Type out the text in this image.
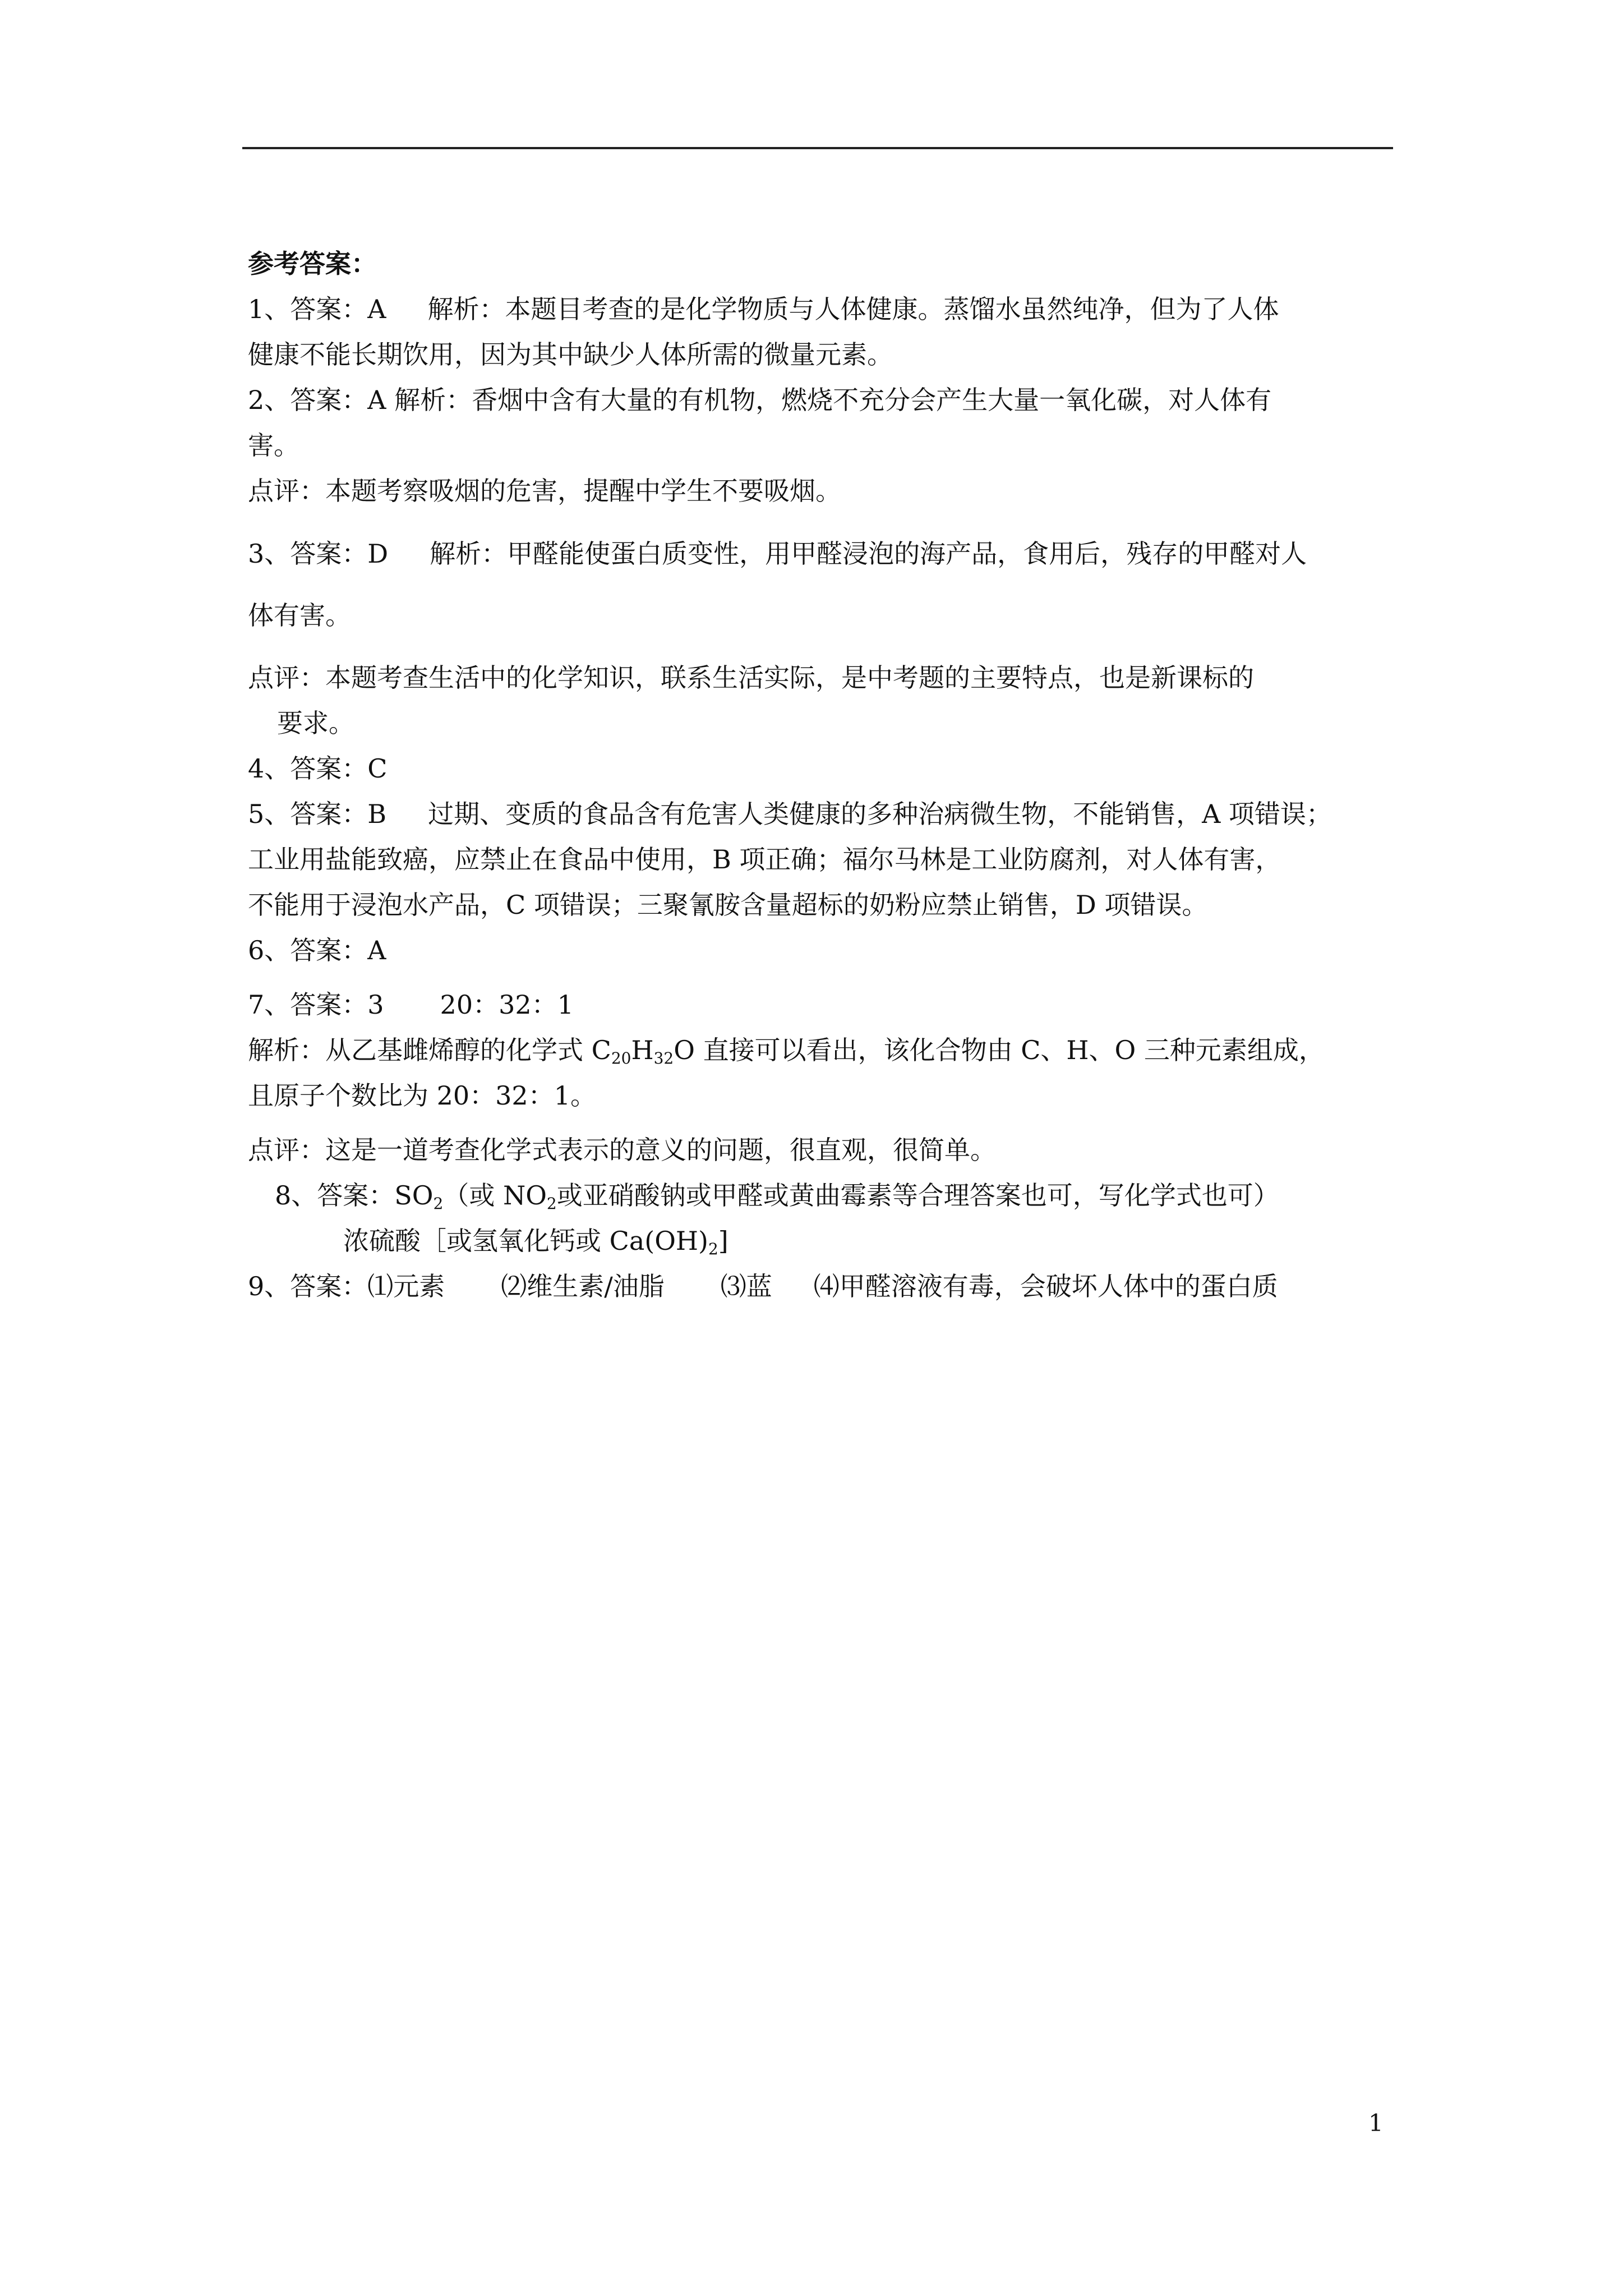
参考答案：

1、答案：A 解析：本题目考查的是化学物质与人体健康。蒸馏水虽然纯净，但为了人体
健康不能长期饮用，因为其中缺少人体所需的微量元素。

2、答案：A 解析：香烟中含有大量的有机物，燃烧不充分会产生大量一氧化碳，对人体有
害。

点评：本题考察吸烟的危害，提醒中学生不要吸烟。

3、答案：D 解析：甲醛能使蛋白质变性，用甲醛浸泡的海产品，食用后，残存的甲醛对人
体有害。

点评：本题考查生活中的化学知识，联系生活实际，是中考题的主要特点，也是新课标的

要求。

4、答案：C

5、答案：B 过期、变质的食品含有危害人类健康的多种治病微生物，不能销售，A 项错误；
工业用盐能致癌，应禁止在食品中使用，B 项正确；福尔马林是工业防腐剂，对人体有害，
不能用于浸泡水产品，C 项错误；三聚氰胺含量超标的奶粉应禁止销售，D 项错误。

6、答案：A

7、答案：3 20：32：1

解析：从乙基雌烯醇的化学式 $C_{20}H_{32}O$ 直接可以看出，该化合物由 C、H、O 三种元素组成，
且原子个数比为 20：32：1。

点评：这是一道考查化学式表示的意义的问题，很直观，很简单。

8、答案：$SO_2$（或 $NO_2$或亚硝酸钠或甲醛或黄曲霉素等合理答案也可，写化学式也可）

浓硫酸［或氢氧化钙或 $Ca(OH)_2$]

9、答案：⑴元素 ⑵维生素/油脂 ⑶蓝 ⑷甲醛溶液有毒，会破坏人体中的蛋白质

1
